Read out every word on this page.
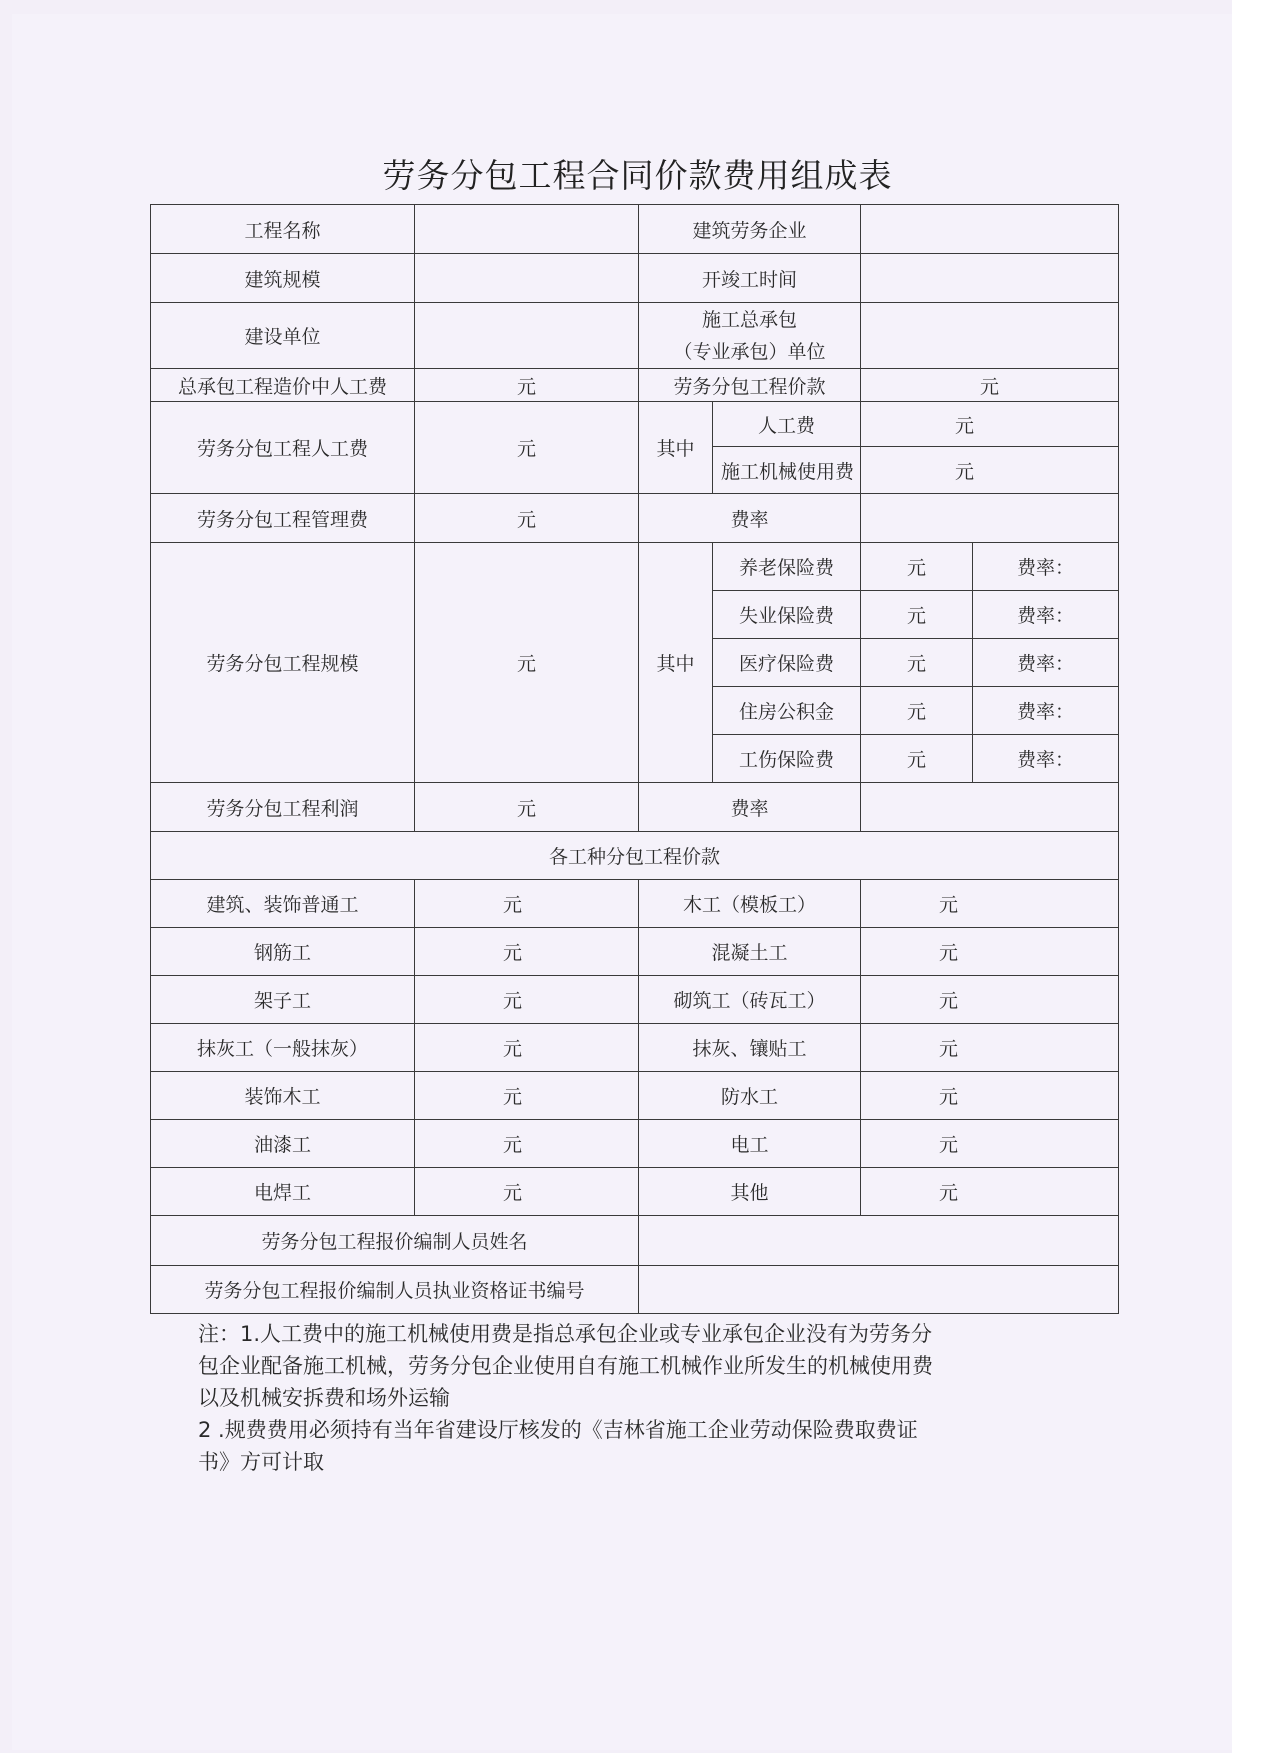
劳务分包工程合同价款费用组成表
工程名称		建筑劳务企业			
建筑规模		开竣工时间			
建设单位		施工总承包
（专业承包）单位			

总承包工程造价中人工费	元	劳务分包工程价款		元	
劳务分包工程人工费	元	其中	人工费	元	
			施工机械使用费	元	
劳务分包工程管理费	元	费率			
劳务分包工程规模	元	其中	养老保险费	元	费率：
			失业保险费	元	费率：
			医疗保险费	元	费率：
			住房公积金	元	费率：
			工伤保险费	元	费率：
劳务分包工程利润	元	费率			
各工种分包工程价款					
建筑、装饰普通工	元	木工（模板工）		元	
钢筋工	元	混凝土工		元	
架子工	元	砌筑工（砖瓦工）		元	
抹灰工（一般抹灰）	元	抹灰、镶贴工		元	
装饰木工	元	防水工		元	
油漆工	元	电工		元	
电焊工	元	其他		元	
劳务分包工程报价编制人员姓名					
劳务分包工程报价编制人员执业资格证书编号					

注：1.人工费中的施工机械使用费是指总承包企业或专业承包企业没有为劳务分

包企业配备施工机械，劳务分包企业使用自有施工机械作业所发生的机械使用费

以及机械安拆费和场外运输

2 .规费费用必须持有当年省建设厅核发的《吉林省施工企业劳动保险费取费证

书》方可计取
